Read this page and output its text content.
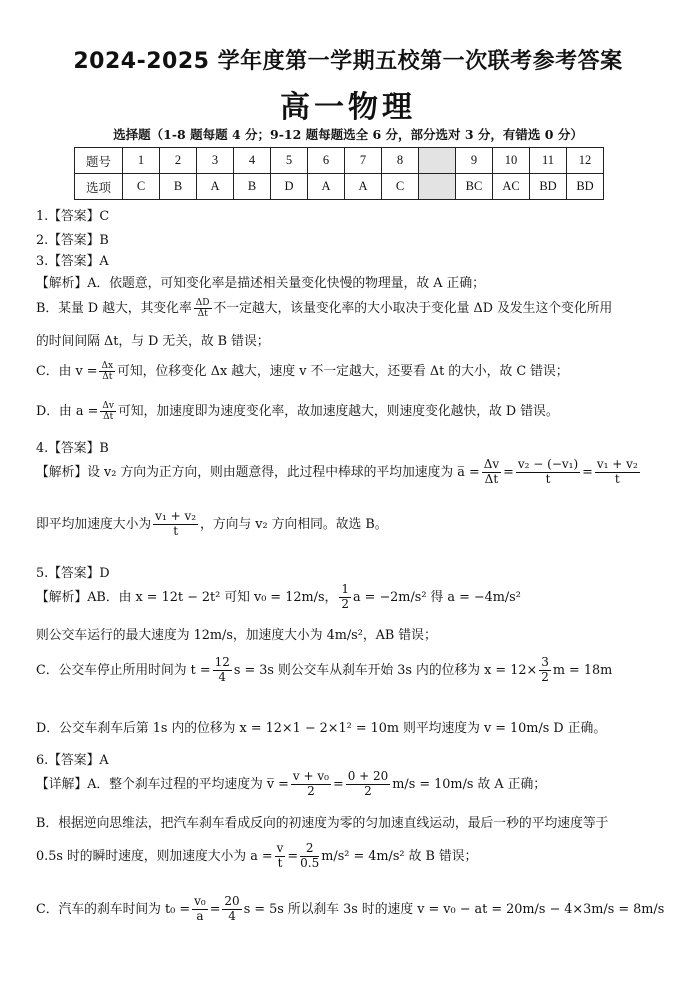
2024-2025 学年度第一学期五校第一次联考参考答案
高一物理
选择题（1-8 题每题 4 分；9-12 题每题选全 6 分，部分选对 3 分，有错选 0 分）
题号	1	2	3	4	5	6	7	8		9	10	11	12
选项	C	B	A	B	D	A	A	C		BC	AC	BD	BD
1.【答案】C
2.【答案】B
3.【答案】A
【解析】A．依题意，可知变化率是描述相关量变化快慢的物理量，故 A 正确；
B．某量 D 越大，其变化率 $\frac{\Delta D}{\Delta t}$ 不一定越大，该量变化率的大小取决于变化量 ΔD 及发生这个变化所用
的时间间隔 Δt，与 D 无关，故 B 错误；
C．由 $v = \frac{\Delta x}{\Delta t}$ 可知，位移变化 Δx 越大，速度 v 不一定越大，还要看 Δt 的大小，故 C 错误；
D．由 $a = \frac{\Delta v}{\Delta t}$ 可知，加速度即为速度变化率，故加速度越大，则速度变化越快，故 D 错误。
4.【答案】B
【解析】设 v₂ 方向为正方向，则由题意得，此过程中棒球的平均加速度为 a̅ = $\frac{\Delta v}{\Delta t} = \frac{\text{v₂ − (−v₁)}}{t} = \frac{\text{v₁ + v₂}}{t}$
即平均加速度大小为 $\frac{\text{v₁ + v₂}}{t}$ ，方向与 v₂ 方向相同。故选 B。
5.【答案】D
【解析】AB．由 x = 12t − 2t² 可知 v₀ = 12m/s， $\frac{1}{2}$ a = −2m/s² 得 a = −4m/s²
则公交车运行的最大速度为 12m/s，加速度大小为 4m/s²，AB 错误；
C．公交车停止所用时间为 $t = \frac{12}{4}$ s = 3s 则公交车从刹车开始 3s 内的位移为 $x = 12\times \frac{3}{2}$ m = 18m
D．公交车刹车后第 1s 内的位移为 x = 12×1 − 2×1² = 10m 则平均速度为 v = 10m/s D 正确。
6.【答案】A
【详解】A．整个刹车过程的平均速度为 v̅ = $\frac{\text{v + v₀}}{2} = \frac{0 + 20}{2} m/s = 10m/s$ 故 A 正确；
B．根据逆向思维法，把汽车刹车看成反向的初速度为零的匀加速直线运动，最后一秒的平均速度等于
0.5s 时的瞬时速度，则加速度大小为 $a = \frac{v}{t} = \frac{2}{0.5} m/s^2 = 4m/s^2$ 故 B 错误；
C．汽车的刹车时间为 $t_0 = \frac{\text{v₀}}{a} = \frac{20}{4}$ s = 5s 所以刹车 3s 时的速度 v = v₀ − at = 20m/s − 4×3m/s = 8m/s
